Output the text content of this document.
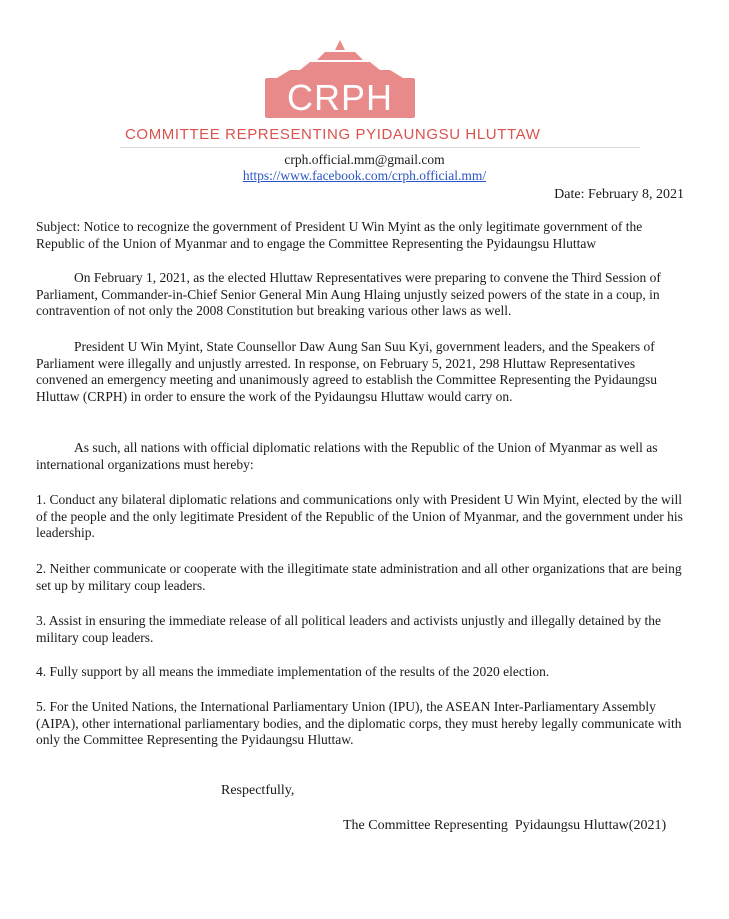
CRPH
COMMITTEE REPRESENTING PYIDAUNGSU HLUTTAW
crph.official.mm@gmail.com
https://www.facebook.com/crph.official.mm/
Date: February 8, 2021

Subject: Notice to recognize the government of President U Win Myint as the only legitimate government of the Republic of the Union of Myanmar and to engage the Committee Representing the Pyidaungsu Hluttaw

On February 1, 2021, as the elected Hluttaw Representatives were preparing to convene the Third Session of Parliament, Commander-in-Chief Senior General Min Aung Hlaing unjustly seized powers of the state in a coup, in contravention of not only the 2008 Constitution but breaking various other laws as well.

President U Win Myint, State Counsellor Daw Aung San Suu Kyi, government leaders, and the Speakers of Parliament were illegally and unjustly arrested. In response, on February 5, 2021, 298 Hluttaw Representatives convened an emergency meeting and unanimously agreed to establish the Committee Representing the Pyidaungsu Hluttaw (CRPH) in order to ensure the work of the Pyidaungsu Hluttaw would carry on.

As such, all nations with official diplomatic relations with the Republic of the Union of Myanmar as well as international organizations must hereby:

1. Conduct any bilateral diplomatic relations and communications only with President U Win Myint, elected by the will of the people and the only legitimate President of the Republic of the Union of Myanmar, and the government under his leadership.

2. Neither communicate or cooperate with the illegitimate state administration and all other organizations that are being set up by military coup leaders.

3. Assist in ensuring the immediate release of all political leaders and activists unjustly and illegally detained by the military coup leaders.

4. Fully support by all means the immediate implementation of the results of the 2020 election.

5. For the United Nations, the International Parliamentary Union (IPU), the ASEAN Inter-Parliamentary Assembly (AIPA), other international parliamentary bodies, and the diplomatic corps, they must hereby legally communicate with only the Committee Representing the Pyidaungsu Hluttaw.

Respectfully,
The Committee Representing  Pyidaungsu Hluttaw(2021)
